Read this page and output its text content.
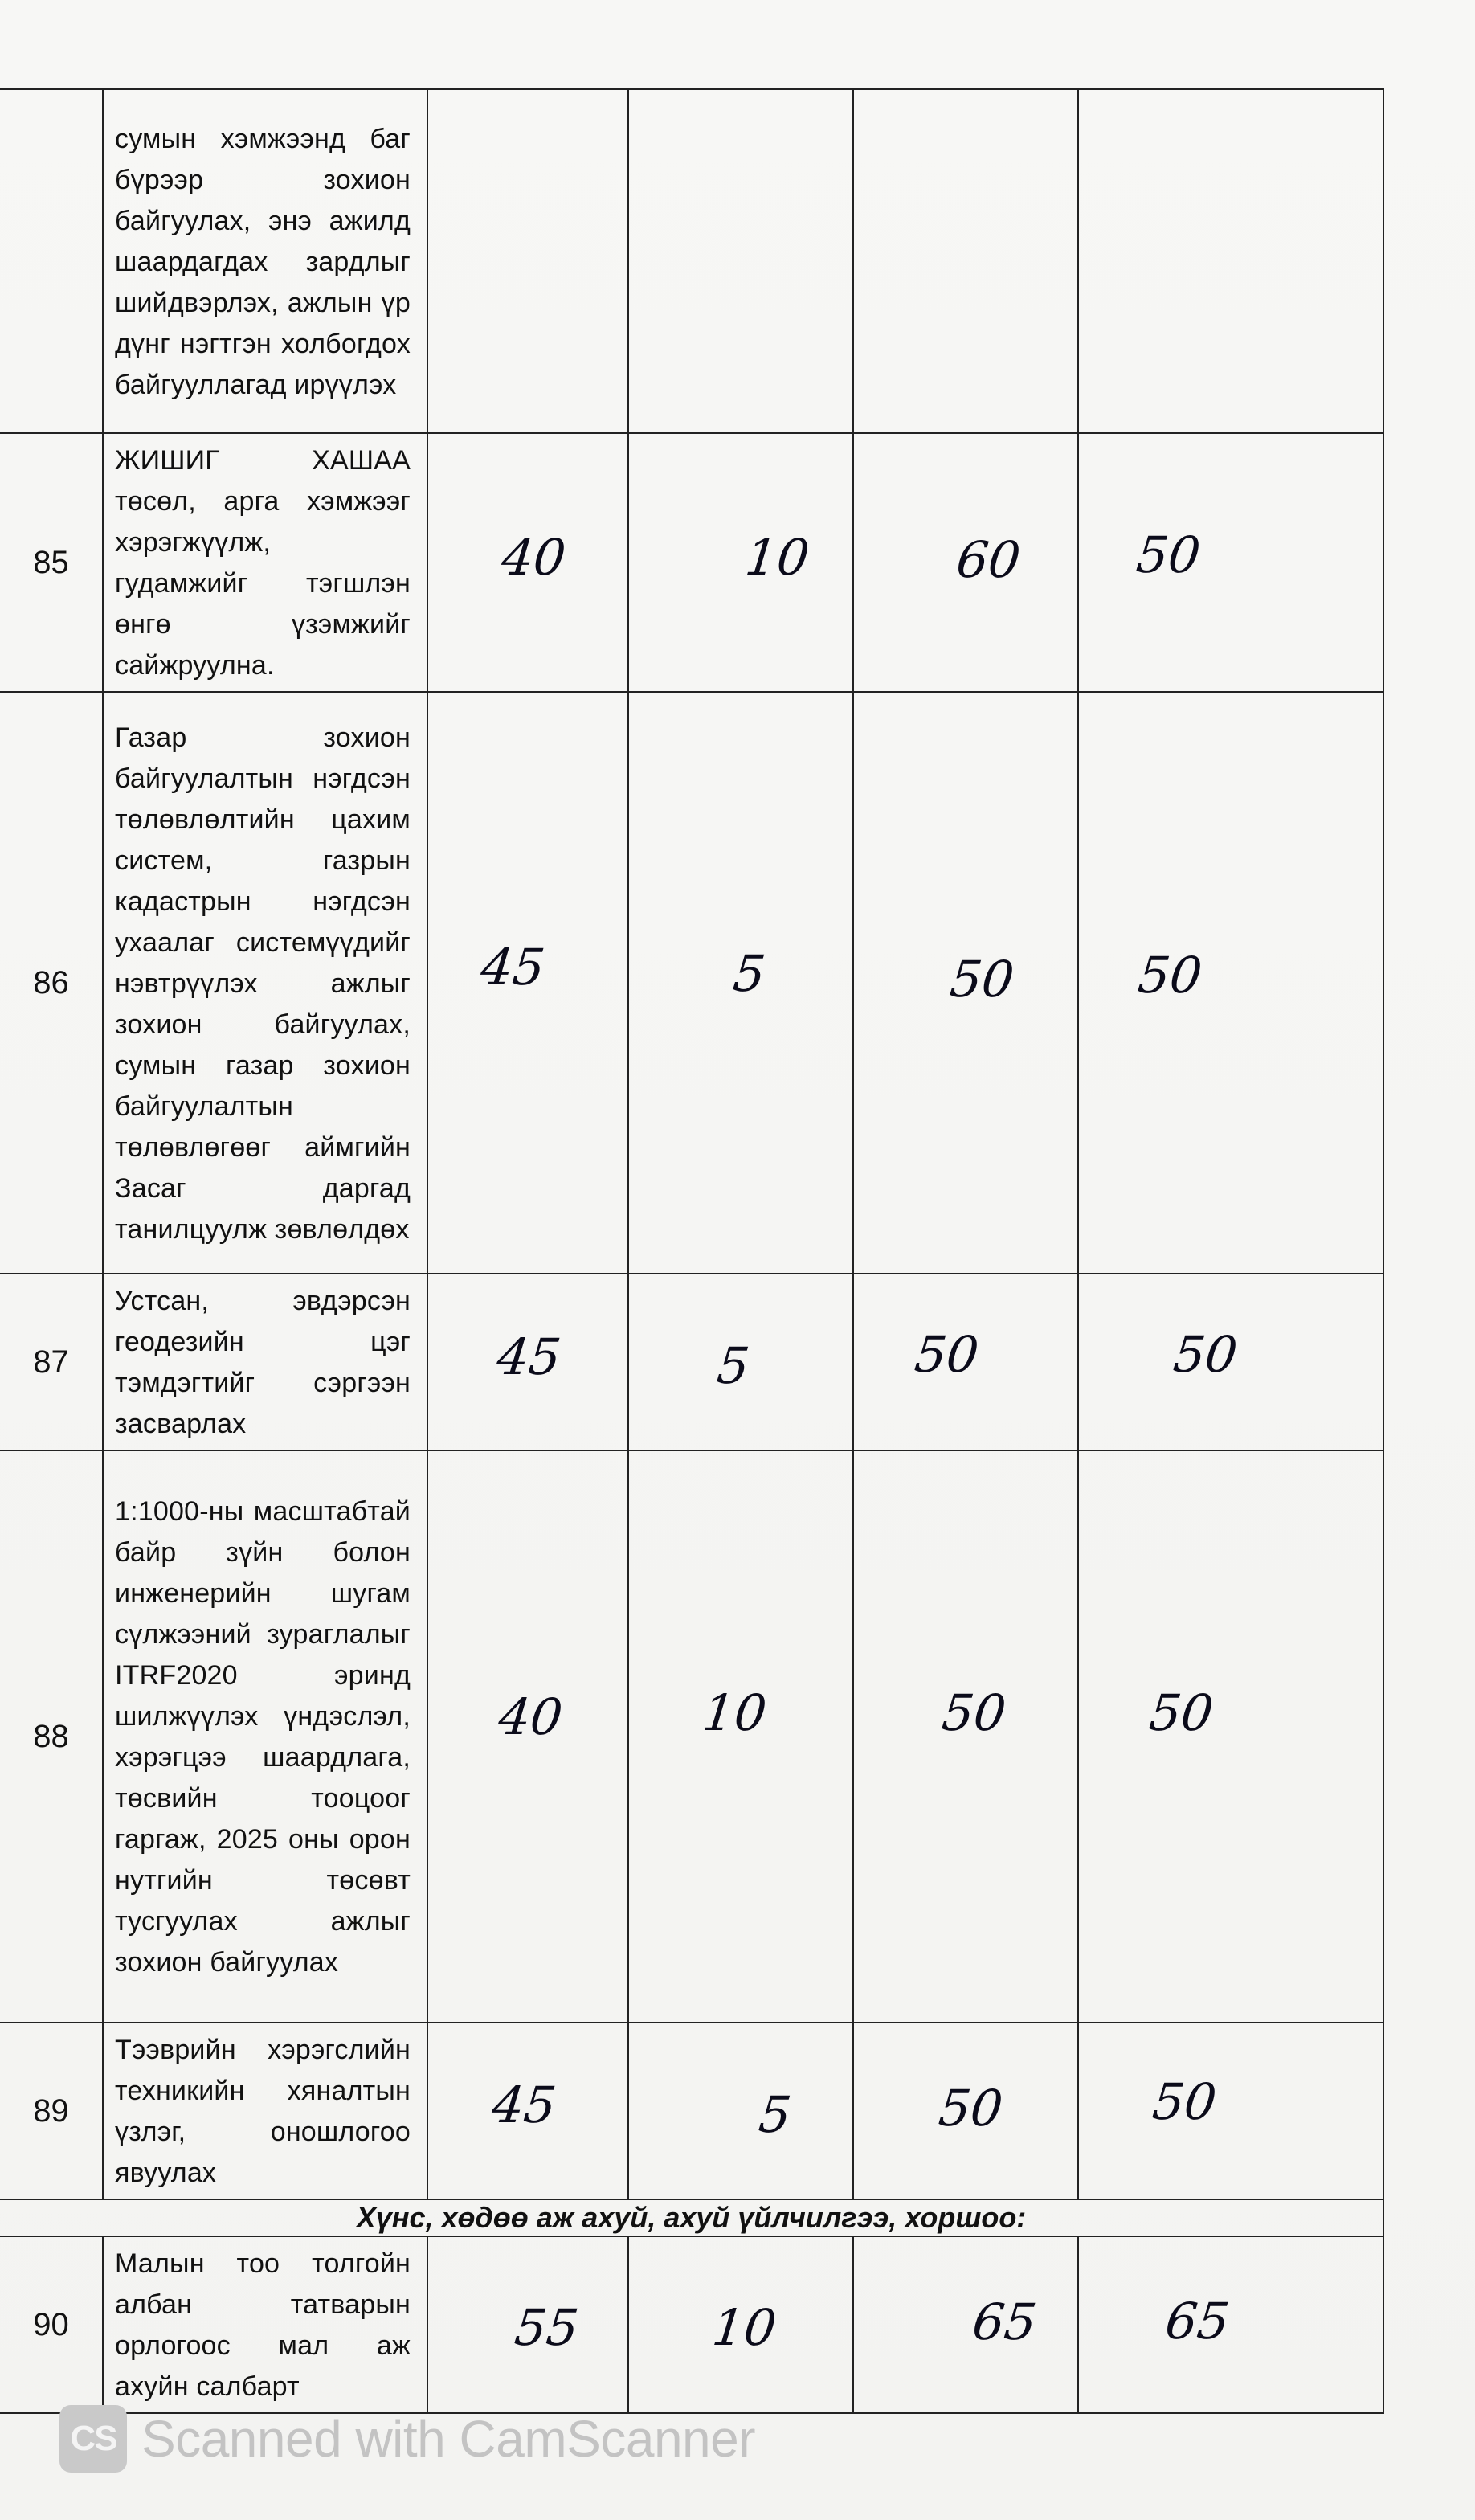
	сумын хэмжээнд баг бүрээр зохион байгуулах, энэ ажилд шаардагдах зардлыг шийдвэрлэх, ажлын үр дүнг нэгтгэн холбогдох байгууллагад ирүүлэх				

85	ЖИШИГ ХАШАА төсөл, арга хэмжээг хэрэгжүүлж, гудамжийг тэгшлэн өнгө үзэмжийг сайжруулна.	40	10	60	50

86	Газар зохион байгуулалтын нэгдсэн төлөвлөлтийн цахим систем, газрын кадастрын нэгдсэн ухаалаг системүүдийг нэвтрүүлэх ажлыг зохион байгуулах, сумын газар зохион байгуулалтын төлөвлөгөөг аймгийн Засаг даргад танилцуулж зөвлөлдөх	45	5	50	50

87	Устсан, эвдэрсэн геодезийн цэг тэмдэгтийг сэргээн засварлах	45	5	50	50

88	1:1000-ны масштабтай байр зүйн болон инженерийн шугам сүлжээний зураглалыг ITRF2020 эринд шилжүүлэх үндэслэл, хэрэгцээ шаардлага, төсвийн тооцоог гаргаж, 2025 оны орон нутгийн төсөвт тусгуулах ажлыг зохион байгуулах	40	10	50	50

89	Тээврийн хэрэгслийн техникийн хяналтын үзлэг, оношлогоо явуулах	45	5	50	50

Хүнс, хөдөө аж ахуй, ахуй үйлчилгээ, хоршоо:					
90	Малын тоо толгойн албан татварын орлогоос мал аж ахуйн салбарт	55	10	65	65
CS Scanned with CamScanner
